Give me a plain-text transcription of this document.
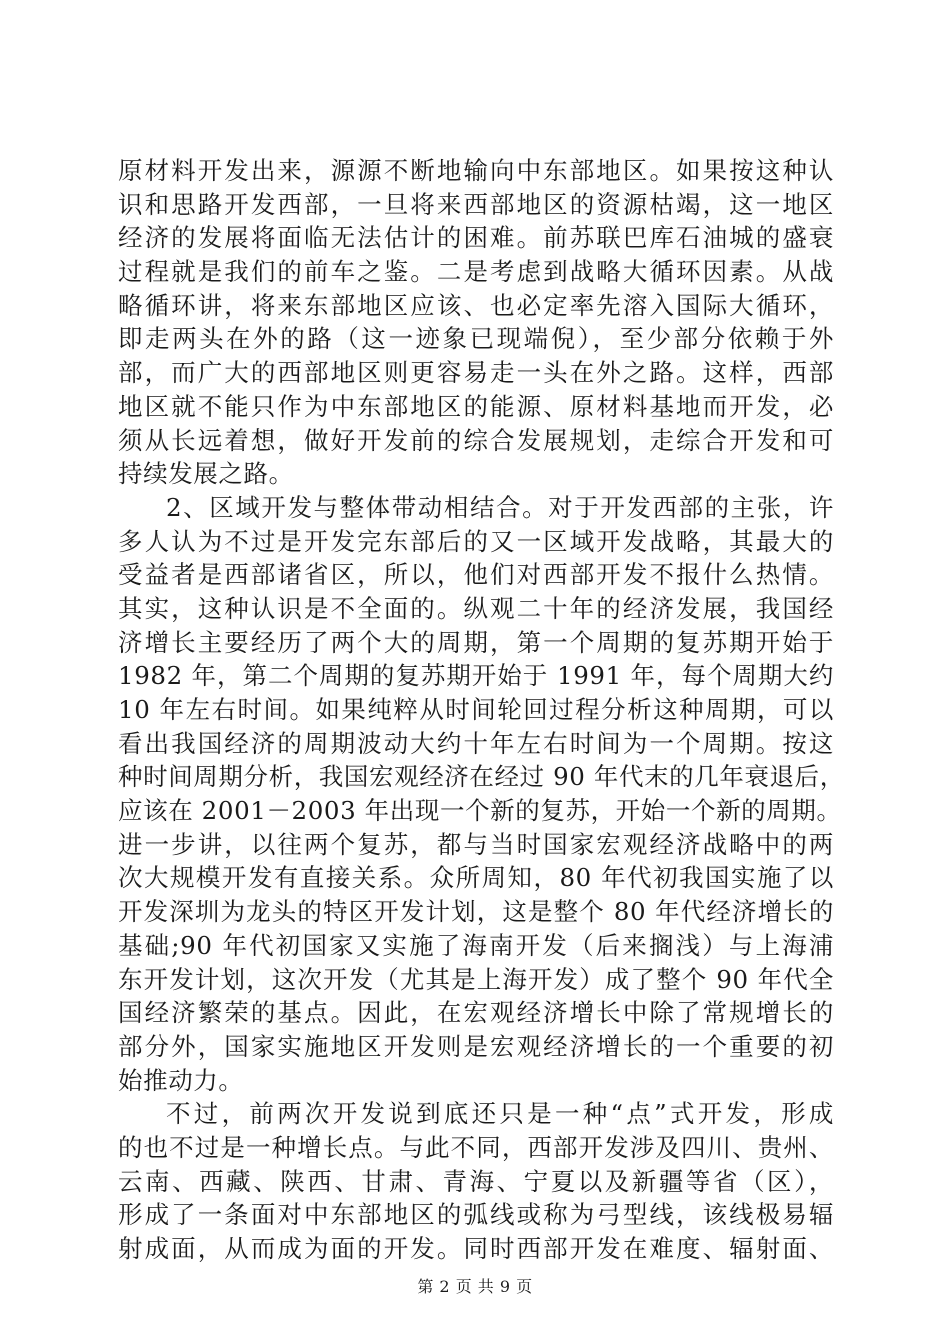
原材料开发出来，源源不断地输向中东部地区。如果按这种认
识和思路开发西部，一旦将来西部地区的资源枯竭，这一地区
经济的发展将面临无法估计的困难。前苏联巴库石油城的盛衰
过程就是我们的前车之鉴。二是考虑到战略大循环因素。从战
略循环讲，将来东部地区应该、也必定率先溶入国际大循环，
即走两头在外的路（这一迹象已现端倪），至少部分依赖于外
部，而广大的西部地区则更容易走一头在外之路。这样，西部
地区就不能只作为中东部地区的能源、原材料基地而开发，必
须从长远着想，做好开发前的综合发展规划，走综合开发和可
持续发展之路。
2、区域开发与整体带动相结合。对于开发西部的主张，许
多人认为不过是开发完东部后的又一区域开发战略，其最大的
受益者是西部诸省区，所以，他们对西部开发不报什么热情。
其实，这种认识是不全面的。纵观二十年的经济发展，我国经
济增长主要经历了两个大的周期，第一个周期的复苏期开始于
1982 年，第二个周期的复苏期开始于 1991 年，每个周期大约
10 年左右时间。如果纯粹从时间轮回过程分析这种周期，可以
看出我国经济的周期波动大约十年左右时间为一个周期。按这
种时间周期分析，我国宏观经济在经过 90 年代末的几年衰退后，
应该在 2001－2003 年出现一个新的复苏，开始一个新的周期。
进一步讲，以往两个复苏，都与当时国家宏观经济战略中的两
次大规模开发有直接关系。众所周知，80 年代初我国实施了以
开发深圳为龙头的特区开发计划，这是整个 80 年代经济增长的
基础;90 年代初国家又实施了海南开发（后来搁浅）与上海浦
东开发计划，这次开发（尤其是上海开发）成了整个 90 年代全
国经济繁荣的基点。因此，在宏观经济增长中除了常规增长的
部分外，国家实施地区开发则是宏观经济增长的一个重要的初
始推动力。
不过，前两次开发说到底还只是一种“点”式开发，形成
的也不过是一种增长点。与此不同，西部开发涉及四川、贵州、
云南、西藏、陕西、甘肃、青海、宁夏以及新疆等省（区），
形成了一条面对中东部地区的弧线或称为弓型线，该线极易辐
射成面，从而成为面的开发。同时西部开发在难度、辐射面、
第 2 页 共 9 页
